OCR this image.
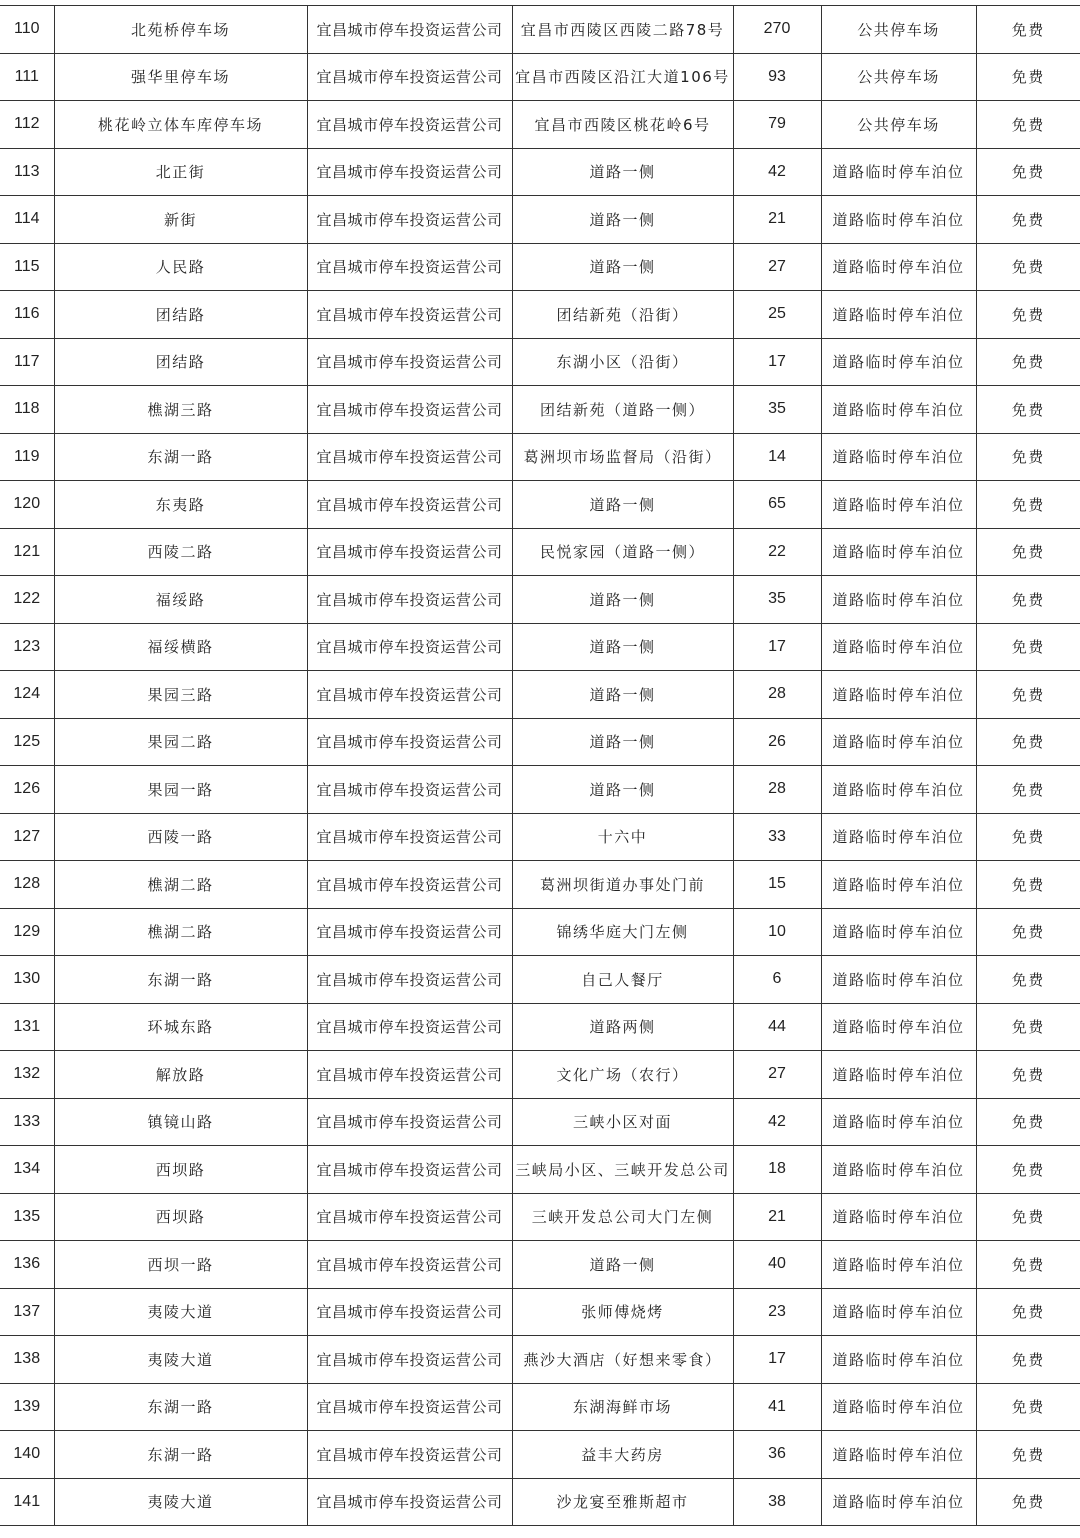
110	北苑桥停车场	宜昌城市停车投资运营公司	宜昌市西陵区西陵二路78号	270	公共停车场	免费
111	强华里停车场	宜昌城市停车投资运营公司	宜昌市西陵区沿江大道106号	93	公共停车场	免费
112	桃花岭立体车库停车场	宜昌城市停车投资运营公司	宜昌市西陵区桃花岭6号	79	公共停车场	免费
113	北正街	宜昌城市停车投资运营公司	道路一侧	42	道路临时停车泊位	免费
114	新街	宜昌城市停车投资运营公司	道路一侧	21	道路临时停车泊位	免费
115	人民路	宜昌城市停车投资运营公司	道路一侧	27	道路临时停车泊位	免费
116	团结路	宜昌城市停车投资运营公司	团结新苑（沿街）	25	道路临时停车泊位	免费
117	团结路	宜昌城市停车投资运营公司	东湖小区（沿街）	17	道路临时停车泊位	免费
118	樵湖三路	宜昌城市停车投资运营公司	团结新苑（道路一侧）	35	道路临时停车泊位	免费
119	东湖一路	宜昌城市停车投资运营公司	葛洲坝市场监督局（沿街）	14	道路临时停车泊位	免费
120	东夷路	宜昌城市停车投资运营公司	道路一侧	65	道路临时停车泊位	免费
121	西陵二路	宜昌城市停车投资运营公司	民悦家园（道路一侧）	22	道路临时停车泊位	免费
122	福绥路	宜昌城市停车投资运营公司	道路一侧	35	道路临时停车泊位	免费
123	福绥横路	宜昌城市停车投资运营公司	道路一侧	17	道路临时停车泊位	免费
124	果园三路	宜昌城市停车投资运营公司	道路一侧	28	道路临时停车泊位	免费
125	果园二路	宜昌城市停车投资运营公司	道路一侧	26	道路临时停车泊位	免费
126	果园一路	宜昌城市停车投资运营公司	道路一侧	28	道路临时停车泊位	免费
127	西陵一路	宜昌城市停车投资运营公司	十六中	33	道路临时停车泊位	免费
128	樵湖二路	宜昌城市停车投资运营公司	葛洲坝街道办事处门前	15	道路临时停车泊位	免费
129	樵湖二路	宜昌城市停车投资运营公司	锦绣华庭大门左侧	10	道路临时停车泊位	免费
130	东湖一路	宜昌城市停车投资运营公司	自己人餐厅	6	道路临时停车泊位	免费
131	环城东路	宜昌城市停车投资运营公司	道路两侧	44	道路临时停车泊位	免费
132	解放路	宜昌城市停车投资运营公司	文化广场（农行）	27	道路临时停车泊位	免费
133	镇镜山路	宜昌城市停车投资运营公司	三峡小区对面	42	道路临时停车泊位	免费
134	西坝路	宜昌城市停车投资运营公司	三峡局小区、三峡开发总公司	18	道路临时停车泊位	免费
135	西坝路	宜昌城市停车投资运营公司	三峡开发总公司大门左侧	21	道路临时停车泊位	免费
136	西坝一路	宜昌城市停车投资运营公司	道路一侧	40	道路临时停车泊位	免费
137	夷陵大道	宜昌城市停车投资运营公司	张师傅烧烤	23	道路临时停车泊位	免费
138	夷陵大道	宜昌城市停车投资运营公司	燕沙大酒店（好想来零食）	17	道路临时停车泊位	免费
139	东湖一路	宜昌城市停车投资运营公司	东湖海鲜市场	41	道路临时停车泊位	免费
140	东湖一路	宜昌城市停车投资运营公司	益丰大药房	36	道路临时停车泊位	免费
141	夷陵大道	宜昌城市停车投资运营公司	沙龙宴至雅斯超市	38	道路临时停车泊位	免费
